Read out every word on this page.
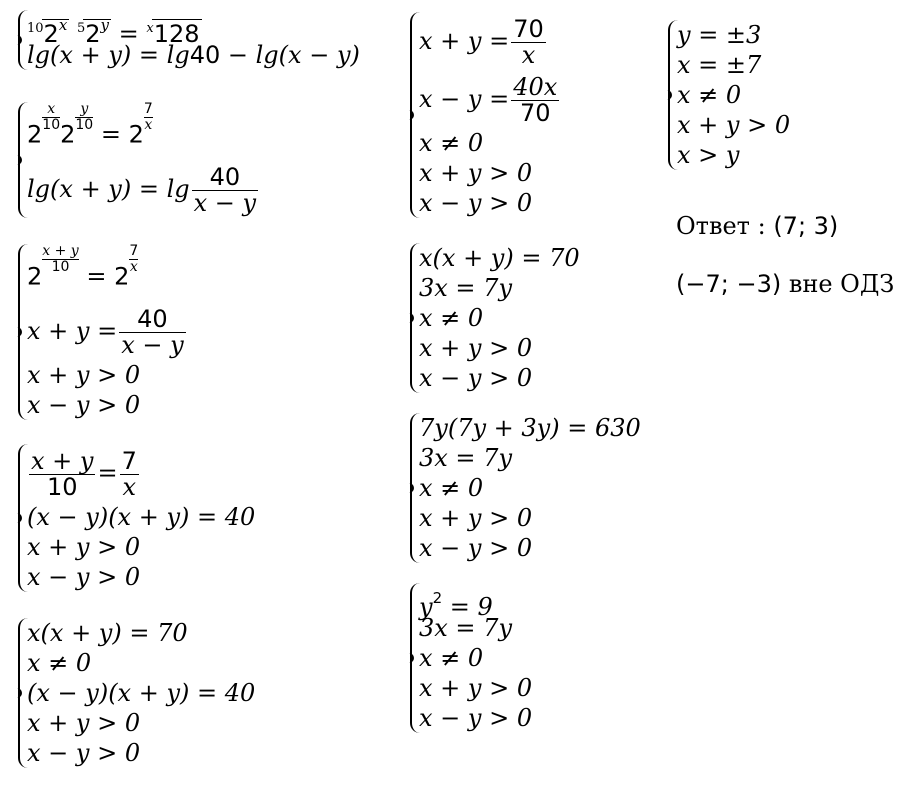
$^{10}$2$^x$ $^52^y = ^x128$
lg(x + y) = lg40 − lg(x − y)
2
$\frac{x}{10}$
2
$\frac{y}{10}$
= 2
$\frac{7}{x}$
$\lg(x + y) = \lg \frac{40}{x - y}$
2
$\frac{x + y}{10}$
= 2
$\frac{7}{x}$
$x + y = \frac{40}{x - y}$
x + y > 0
x − y > 0
$\frac{x + y}{10} = \frac{7}{x}$
(x − y)(x + y) = 40
x + y > 0
x − y > 0
x(x + y) = 70
x ≠ 0
(x − y)(x + y) = 40
x + y > 0
x − y > 0
$x + y = \frac{70}{x}$
$x - y = \frac{40x}{70}$
x ≠ 0
x + y > 0
x − y > 0
x(x + y) = 70
3x = 7y
x ≠ 0
x + y > 0
x − y > 0
7y(7y + 3y) = 630
3x = 7y
x ≠ 0
x + y > 0
x − y > 0
$y^2 = 9$
3x = 7y
x ≠ 0
x + y > 0
x − y > 0
y = ±3
x = ±7
x ≠ 0
x + y > 0
x > y
Ответ : (7; 3)
(−7; −3) вне ОДЗ
